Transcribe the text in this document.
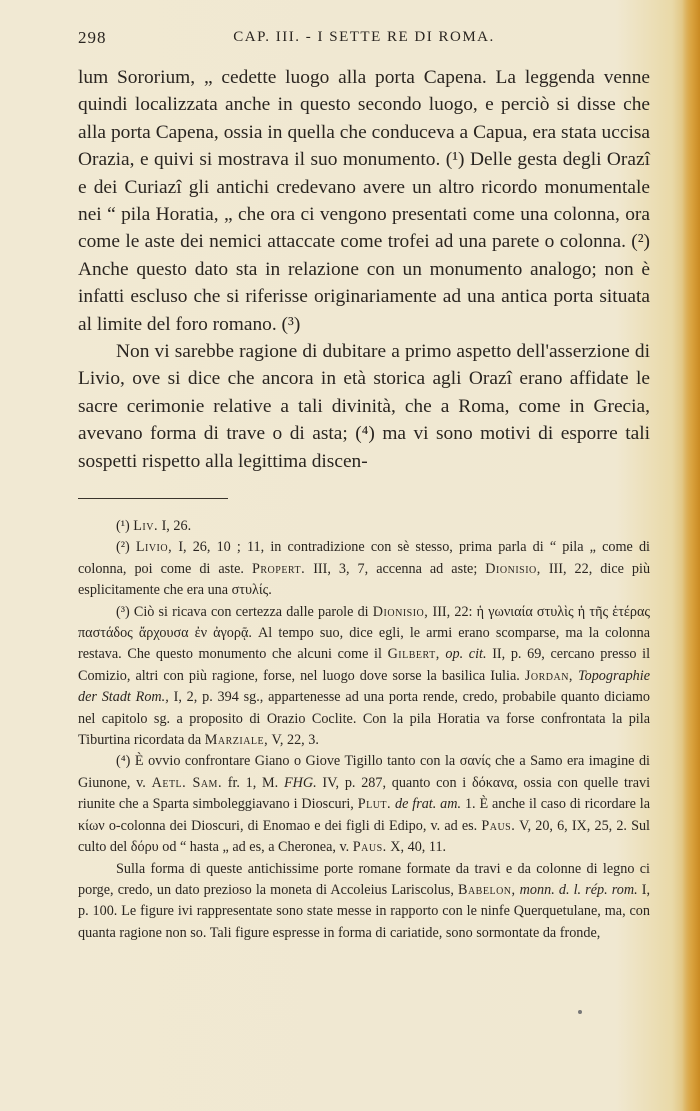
298	CAP. III. - I SETTE RE DI ROMA.

lum Sororium, „ cedette luogo alla porta Capena. La leggenda venne quindi localizzata anche in questo secondo luogo, e perciò si disse che alla porta Capena, ossia in quella che conduceva a Capua, era stata uccisa Orazia, e quivi si mostrava il suo monumento. (¹) Delle gesta degli Orazî e dei Curiazî gli antichi credevano avere un altro ricordo monumentale nei “ pila Horatia, „ che ora ci vengono presentati come una colonna, ora come le aste dei nemici attaccate come trofei ad una parete o colonna. (²) Anche questo dato sta in relazione con un monumento analogo; non è infatti escluso che si riferisse originariamente ad una antica porta situata al limite del foro romano. (³)

Non vi sarebbe ragione di dubitare a primo aspetto dell'asserzione di Livio, ove si dice che ancora in età storica agli Orazî erano affidate le sacre cerimonie relative a tali divinità, che a Roma, come in Grecia, avevano forma di trave o di asta; (⁴) ma vi sono motivi di esporre tali sospetti rispetto alla legittima discen-

(¹) Liv. I, 26.

(²) Livio, I, 26, 10 ; 11, in contradizione con sè stesso, prima parla di “ pila „ come di colonna, poi come di aste. Propert. III, 3, 7, accenna ad aste; Dionisio, III, 22, dice più esplicitamente che era una στυλίς.

(³) Ciò si ricava con certezza dalle parole di Dionisio, III, 22: ἡ γωνιαία στυλὶς ἡ τῆς ἑτέρας παστάδος ἄρχουσα ἐν ἀγορᾷ. Al tempo suo, dice egli, le armi erano scomparse, ma la colonna restava. Che questo monumento che alcuni come il Gilbert, op. cit. II, p. 69, cercano presso il Comizio, altri con più ragione, forse, nel luogo dove sorse la basilica Iulia. Jordan, Topographie der Stadt Rom., I, 2, p. 394 sg., appartenesse ad una porta rende, credo, probabile quanto diciamo nel capitolo sg. a proposito di Orazio Coclite. Con la pila Horatia va forse confrontata la pila Tiburtina ricordata da Marziale, V, 22, 3.

(⁴) È ovvio confrontare Giano o Giove Tigillo tanto con la σανίς che a Samo era imagine di Giunone, v. Aetl. Sam. fr. 1, M. FHG. IV, p. 287, quanto con i δόκανα, ossia con quelle travi riunite che a Sparta simboleggiavano i Dioscuri, Plut. de frat. am. 1. È anche il caso di ricordare la κίων o-colonna dei Dioscuri, di Enomao e dei figli di Edipo, v. ad es. Paus. V, 20, 6, IX, 25, 2. Sul culto del δόρυ od “ hasta „ ad es, a Cheronea, v. Paus. X, 40, 11.

Sulla forma di queste antichissime porte romane formate da travi e da colonne di legno ci porge, credo, un dato prezioso la moneta di Accoleius Lariscolus, Babelon, monn. d. l. rép. rom. I, p. 100. Le figure ivi rappresentate sono state messe in rapporto con le ninfe Querquetulane, ma, con quanta ragione non so. Tali figure espresse in forma di cariatide, sono sormontate da fronde,
